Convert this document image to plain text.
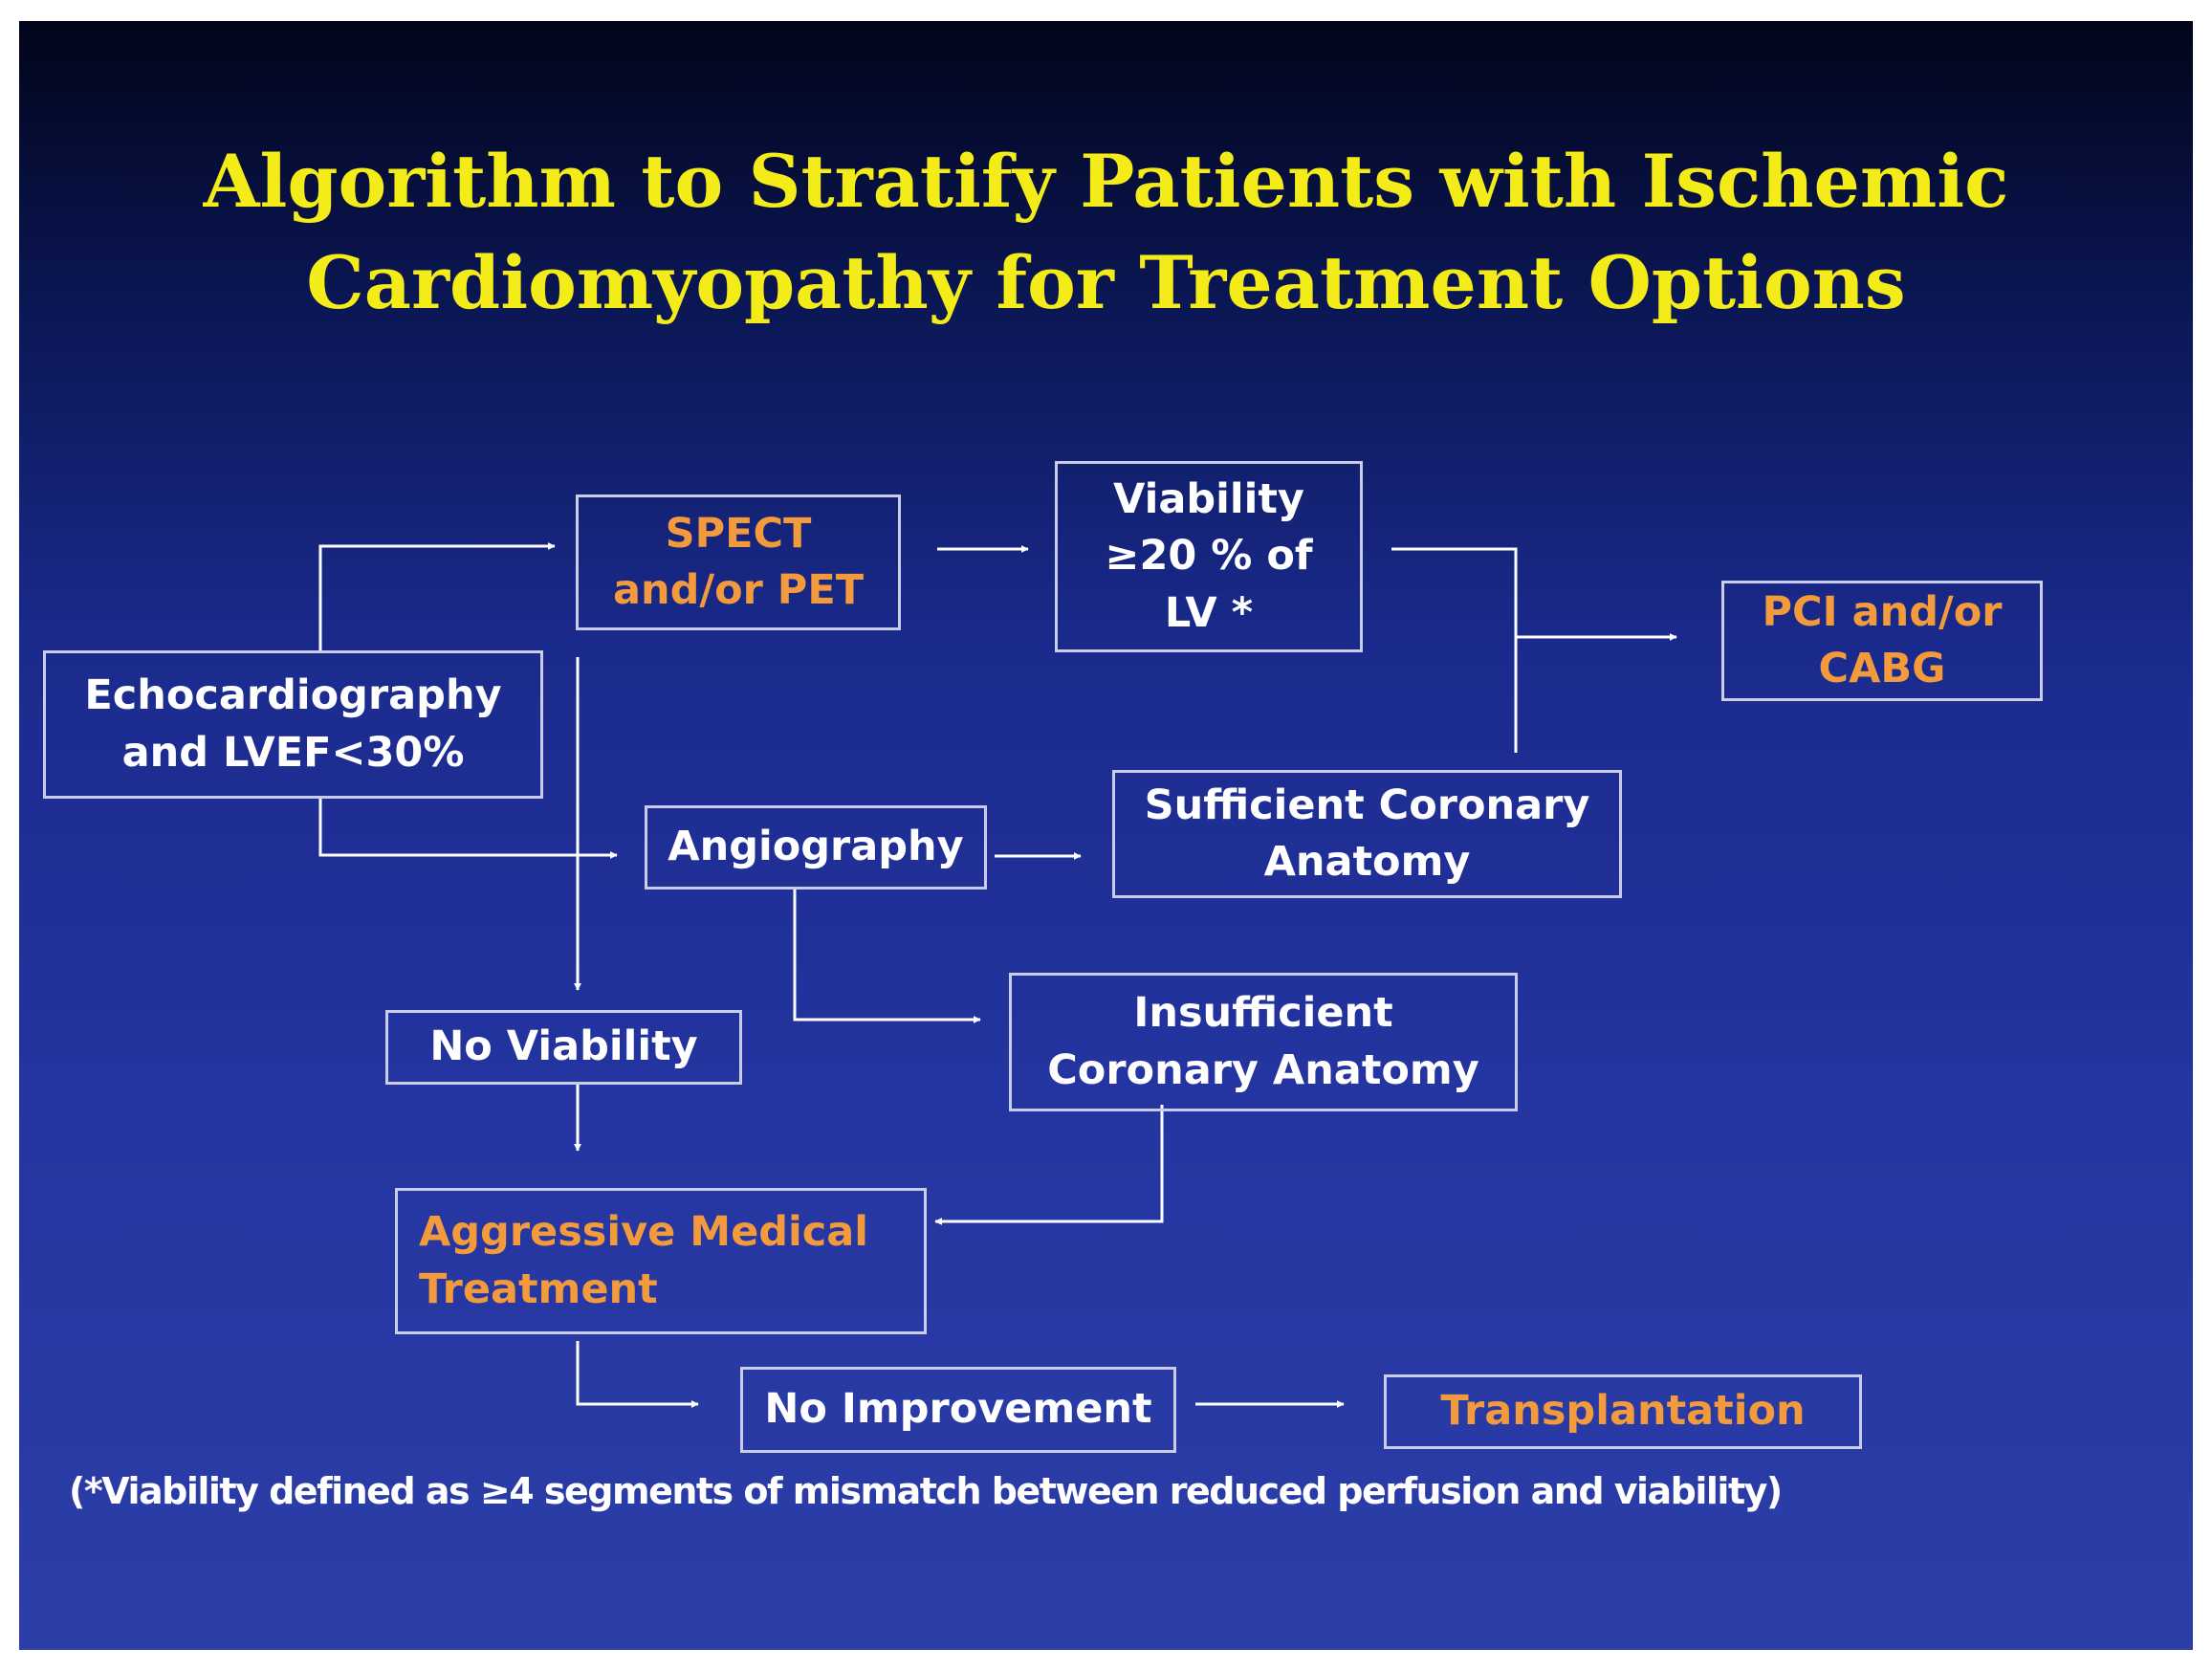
Algorithm to Stratify Patients with Ischemic
Cardiomyopathy for Treatment Options
Echocardiography
and LVEF<30%
SPECT
and/or PET
Viability
≥20 % of
LV *	PCI and/or
CABG
Angiography
Sufficient Coronary
Anatomy
No Viability
Insufficient
Coronary Anatomy
Aggressive Medical
Treatment
No Improvement	Transplantation

(*Viability defined as ≥4 segments of mismatch between reduced perfusion and viability)
